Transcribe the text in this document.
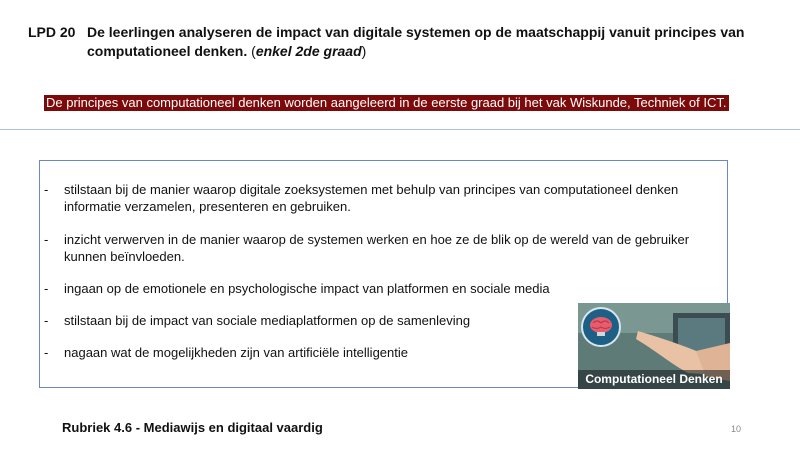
LPD 20 De leerlingen analyseren de impact van digitale systemen op de maatschappij vanuit principes van computationeel denken. (enkel 2de graad)
De principes van computationeel denken worden aangeleerd in de eerste graad bij het vak Wiskunde, Techniek of ICT.
- stilstaan bij de manier waarop digitale zoeksystemen met behulp van principes van computationeel denken informatie verzamelen, presenteren en gebruiken.
- inzicht verwerven in de manier waarop de systemen werken en hoe ze de blik op de wereld van de gebruiker kunnen beïnvloeden.
- ingaan op de emotionele en psychologische impact van platformen en sociale media
- stilstaan bij de impact van sociale mediaplatformen op de samenleving
- nagaan wat de mogelijkheden zijn van artificiële intelligentie
Computationeel Denken
Rubriek 4.6 - Mediawijs en digitaal vaardig	10
